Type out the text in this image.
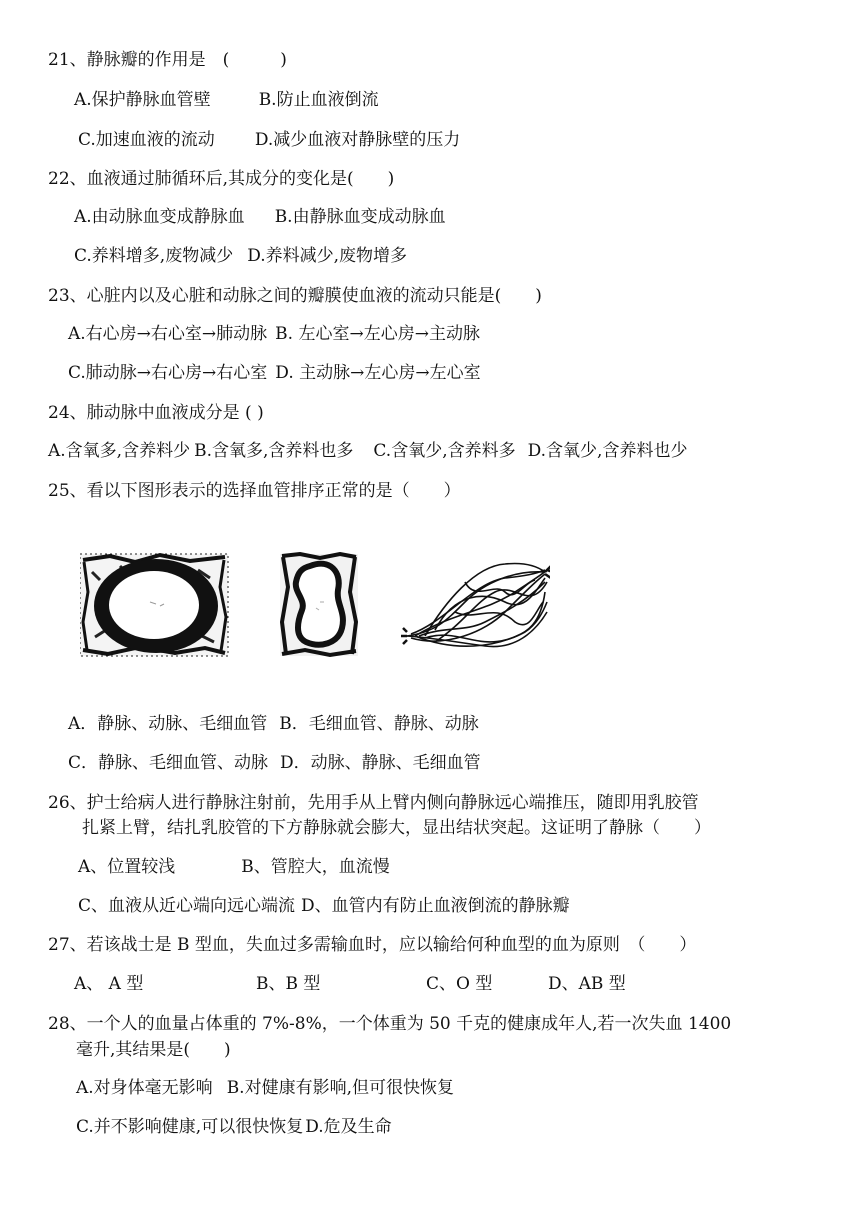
21、静脉瓣的作用是　(　　　)
A.保护静脉血管壁	B.防止血液倒流
C.加速血液的流动 D.减少血液对静脉壁的压力
22、血液通过肺循环后,其成分的变化是(　　)
A.由动脉血变成静脉血 B.由静脉血变成动脉血
C.养料增多,废物减少 D.养料减少,废物增多
23、心脏内以及心脏和动脉之间的瓣膜使血液的流动只能是(　　)
A.右心房→右心室→肺动脉 B. 左心室→左心房→主动脉
C.肺动脉→右心房→右心室 D. 主动脉→左心房→左心室
24、肺动脉中血液成分是 ( )
A.含氧多,含养料少 B.含氧多,含养料也多 C.含氧少,含养料多 D.含氧少,含养料也少
25、看以下图形表示的选择血管排序正常的是（　　）
A．静脉、动脉、毛细血管 B．毛细血管、静脉、动脉
C．静脉、毛细血管、动脉 D．动脉、静脉、毛细血管
26、护士给病人进行静脉注射前，先用手从上臂内侧向静脉远心端推压，随即用乳胶管
扎紧上臂，结扎乳胶管的下方静脉就会膨大，显出结状突起。这证明了静脉（　　）
A、位置较浅	B、管腔大，血流慢
C、血液从近心端向远心端流 D、血管内有防止血液倒流的静脉瓣
27、若该战士是 B 型血，失血过多需输血时，应以输给何种血型的血为原则　（　　）
A、 A 型	B、B 型	C、O 型	D、AB 型
28、一个人的血量占体重的 7%-8%，一个体重为 50 千克的健康成年人,若一次失血 1400
毫升,其结果是(　　)
A.对身体毫无影响 B.对健康有影响,但可很快恢复
C.并不影响健康,可以很快恢复 D.危及生命
